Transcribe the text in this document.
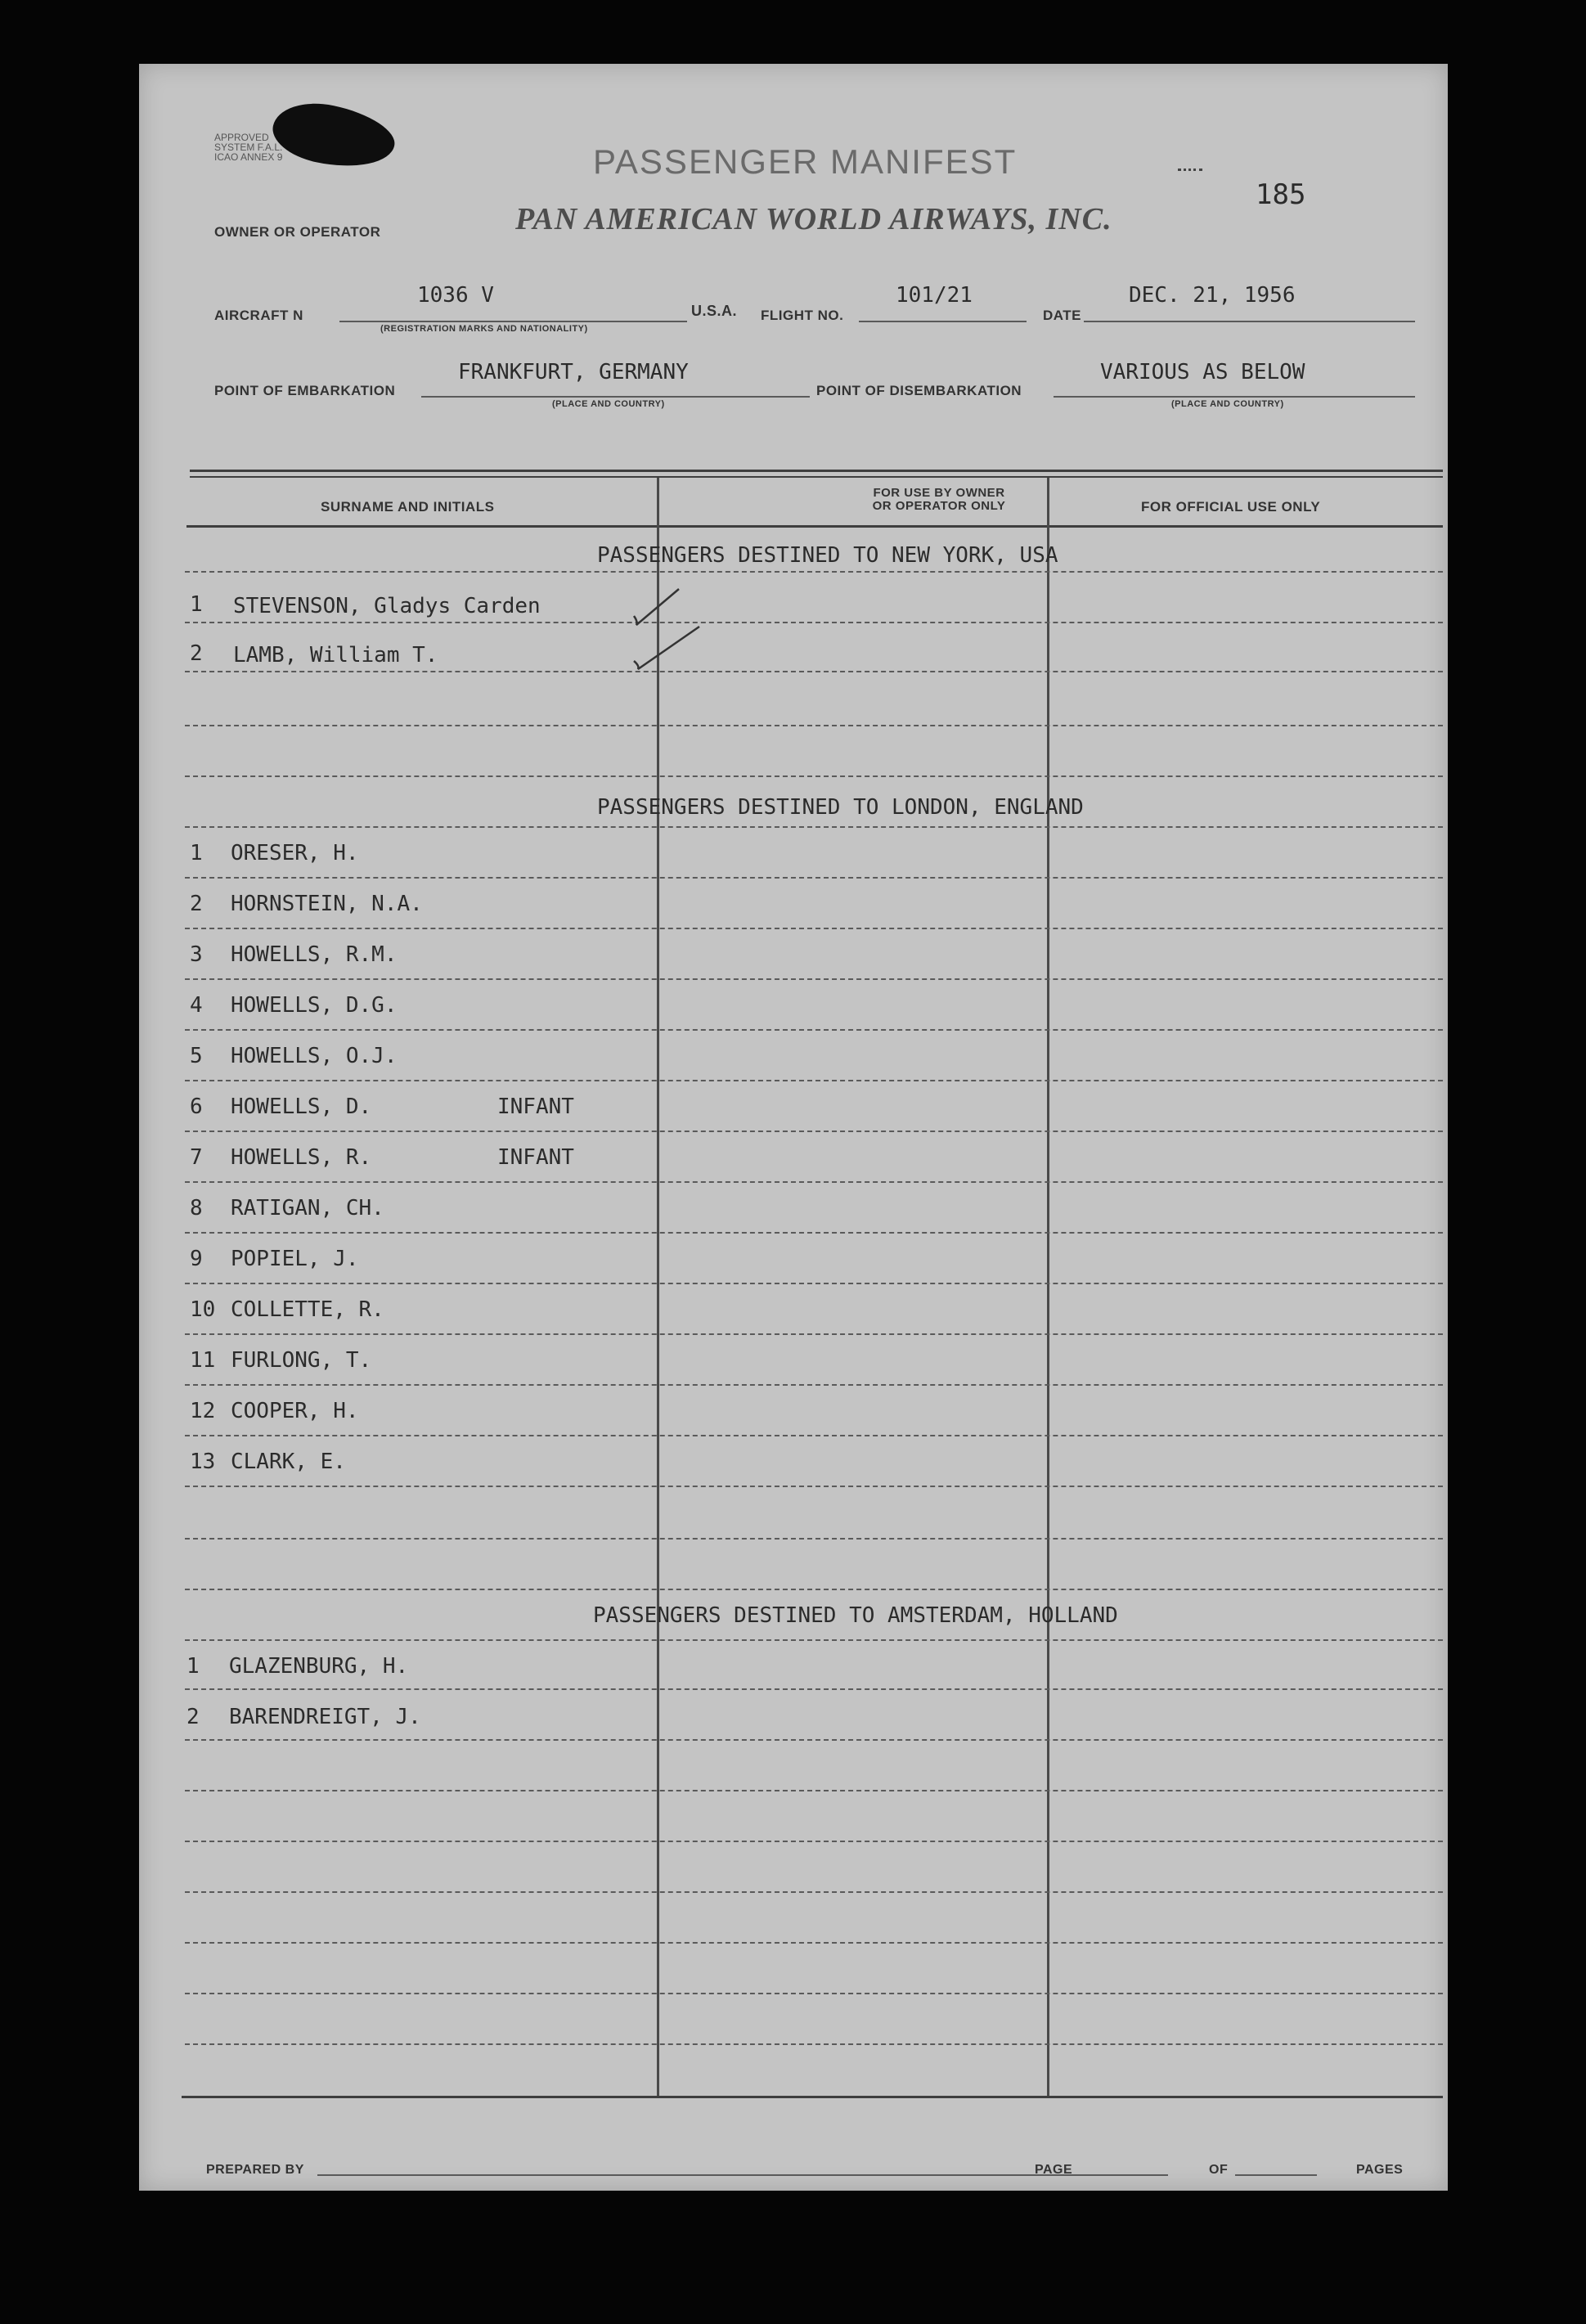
APPROVED
SYSTEM F.A.L.
ICAO ANNEX 9	PASSENGER MANIFEST
PAN AMERICAN WORLD AIRWAYS, INC.
185
OWNER OR OPERATOR
AIRCRAFT N
1036 V
(REGISTRATION MARKS AND NATIONALITY)
U.S.A. FLIGHT NO.
101/21
DATE
DEC. 21, 1956
POINT OF EMBARKATION
FRANKFURT, GERMANY
(PLACE AND COUNTRY)
POINT OF DISEMBARKATION
VARIOUS AS BELOW
(PLACE AND COUNTRY)
SURNAME AND INITIALS
FOR USE BY OWNER
OR OPERATOR ONLY	FOR OFFICIAL USE ONLY
PASSENGERS DESTINED TO NEW YORK, USA
1	STEVENSON, Gladys Carden
2	LAMB, William T.
PASSENGERS DESTINED TO LONDON, ENGLAND
1 ORESER, H.
2 HORNSTEIN, N.A.
3 HOWELLS, R.M.
4 HOWELLS, D.G.
5 HOWELLS, O.J.
6 HOWELLS, D.	INFANT
7 HOWELLS, R.	INFANT
8 RATIGAN, CH.
9 POPIEL, J.
10 COLLETTE, R.
11 FURLONG, T.
12 COOPER, H.
13 CLARK, E.
PASSENGERS DESTINED TO AMSTERDAM, HOLLAND
1	GLAZENBURG, H.
2	BARENDREIGT, J.
PREPARED BY	PAGE	OF	PAGES
